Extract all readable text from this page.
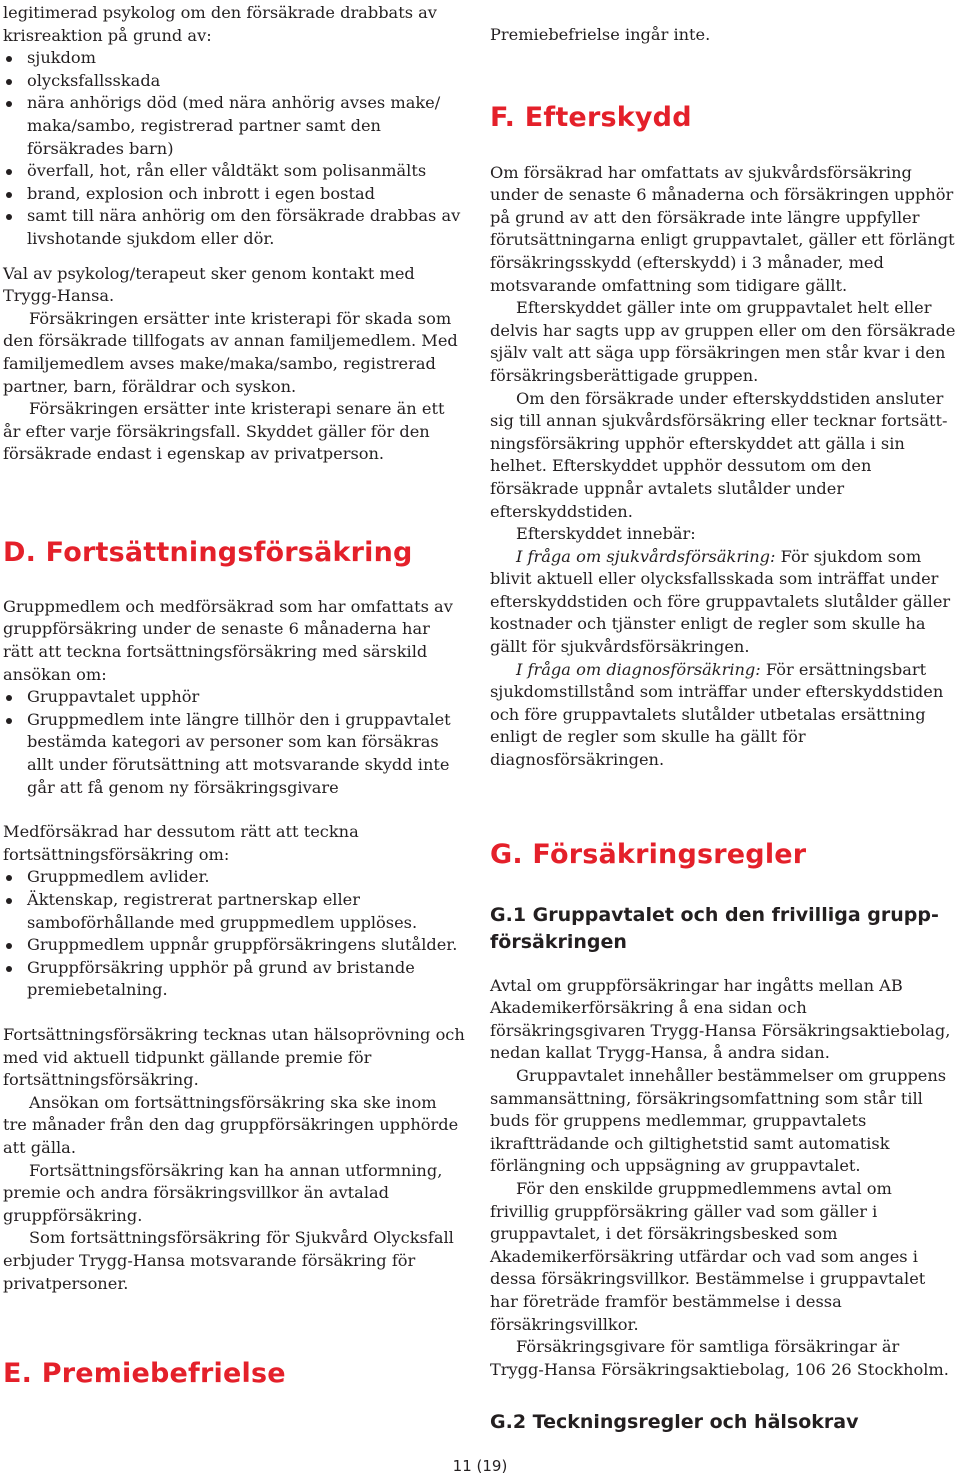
legitimerad psykolog om den försäkrade drabbats av krisreaktion på grund av:

sjukdom
olycksfallsskada
nära anhörigs död (med nära anhörig avses make/ maka/sambo, registrerad partner samt den försäkrades barn)
överfall, hot, rån eller våldtäkt som polisanmälts
brand, explosion och inbrott i egen bostad
samt till nära anhörig om den försäkrade drabbas av livshotande sjukdom eller dör.

Val av psykolog/terapeut sker genom kontakt med Trygg-Hansa.

Försäkringen ersätter inte kristerapi för skada som den försäkrade tillfogats av annan familjemedlem. Med familjemedlem avses make/maka/sambo, registrerad partner, barn, föräldrar och syskon.

Försäkringen ersätter inte kristerapi senare än ett år efter varje försäkringsfall. Skyddet gäller för den försäkrade endast i egenskap av privatperson.

D. Fortsättningsförsäkring

Gruppmedlem och medförsäkrad som har omfattats av gruppförsäkring under de senaste 6 månaderna har rätt att teckna fortsättningsförsäkring med särskild ansökan om:

Gruppavtalet upphör
Gruppmedlem inte längre tillhör den i gruppavtalet bestämda kategori av personer som kan försäkras allt under förutsättning att motsvarande skydd inte går att få genom ny försäkringsgivare

Medförsäkrad har dessutom rätt att teckna fortsättningsförsäkring om:

Gruppmedlem avlider.
Äktenskap, registrerat partnerskap eller samboförhållande med gruppmedlem upplöses.
Gruppmedlem uppnår gruppförsäkringens slutålder.
Gruppförsäkring upphör på grund av bristande premiebetalning.

Fortsättningsförsäkring tecknas utan hälsoprövning och med vid aktuell tidpunkt gällande premie för fortsättningsförsäkring.

Ansökan om fortsättningsförsäkring ska ske inom tre månader från den dag gruppförsäkringen upphörde att gälla.

Fortsättningsförsäkring kan ha annan utformning, premie och andra försäkringsvillkor än avtalad gruppförsäkring.

Som fortsättningsförsäkring för Sjukvård Olycksfall erbjuder Trygg-Hansa motsvarande försäkring för privatpersoner.

E. Premiebefrielse

Premiebefrielse ingår inte.

F. Efterskydd

Om försäkrad har omfattats av sjukvårdsförsäkring under de senaste 6 månaderna och försäkringen upphör på grund av att den försäkrade inte längre uppfyller förutsättningarna enligt gruppavtalet, gäller ett förlängt försäkringsskydd (efterskydd) i 3 månader, med motsvarande omfattning som tidigare gällt.

Efterskyddet gäller inte om gruppavtalet helt eller delvis har sagts upp av gruppen eller om den försäkrade själv valt att säga upp försäkringen men står kvar i den försäkringsberättigade gruppen.

Om den försäkrade under efterskyddstiden ansluter sig till annan sjukvårdsförsäkring eller tecknar fortsätt-ningsförsäkring upphör efterskyddet att gälla i sin helhet. Efterskyddet upphör dessutom om den försäkrade uppnår avtalets slutålder under efterskyddstiden.

Efterskyddet innebär:

I fråga om sjukvårdsförsäkring: För sjukdom som blivit aktuell eller olycksfallsskada som inträffat under efterskyddstiden och före gruppavtalets slutålder gäller kostnader och tjänster enligt de regler som skulle ha gällt för sjukvårdsförsäkringen.

I fråga om diagnosförsäkring: För ersättningsbart sjukdomstillstånd som inträffar under efterskyddstiden och före gruppavtalets slutålder utbetalas ersättning enligt de regler som skulle ha gällt för diagnosförsäkringen.

G. Försäkringsregler
G.1 Gruppavtalet och den frivilliga grupp-försäkringen

Avtal om gruppförsäkringar har ingåtts mellan AB Akademikerförsäkring å ena sidan och försäkringsgivaren Trygg-Hansa Försäkringsaktiebolag, nedan kallat Trygg-Hansa, å andra sidan.

Gruppavtalet innehåller bestämmelser om gruppens sammansättning, försäkringsomfattning som står till buds för gruppens medlemmar, gruppavtalets ikraftträdande och giltighetstid samt automatisk förlängning och uppsägning av gruppavtalet.

För den enskilde gruppmedlemmens avtal om frivillig gruppförsäkring gäller vad som gäller i gruppavtalet, i det försäkringsbesked som Akademikerförsäkring utfärdar och vad som anges i dessa försäkringsvillkor. Bestämmelse i gruppavtalet har företräde framför bestämmelse i dessa försäkringsvillkor.

Försäkringsgivare för samtliga försäkringar är Trygg-Hansa Försäkringsaktiebolag, 106 26 Stockholm.

G.2 Teckningsregler och hälsokrav
11 (19)
